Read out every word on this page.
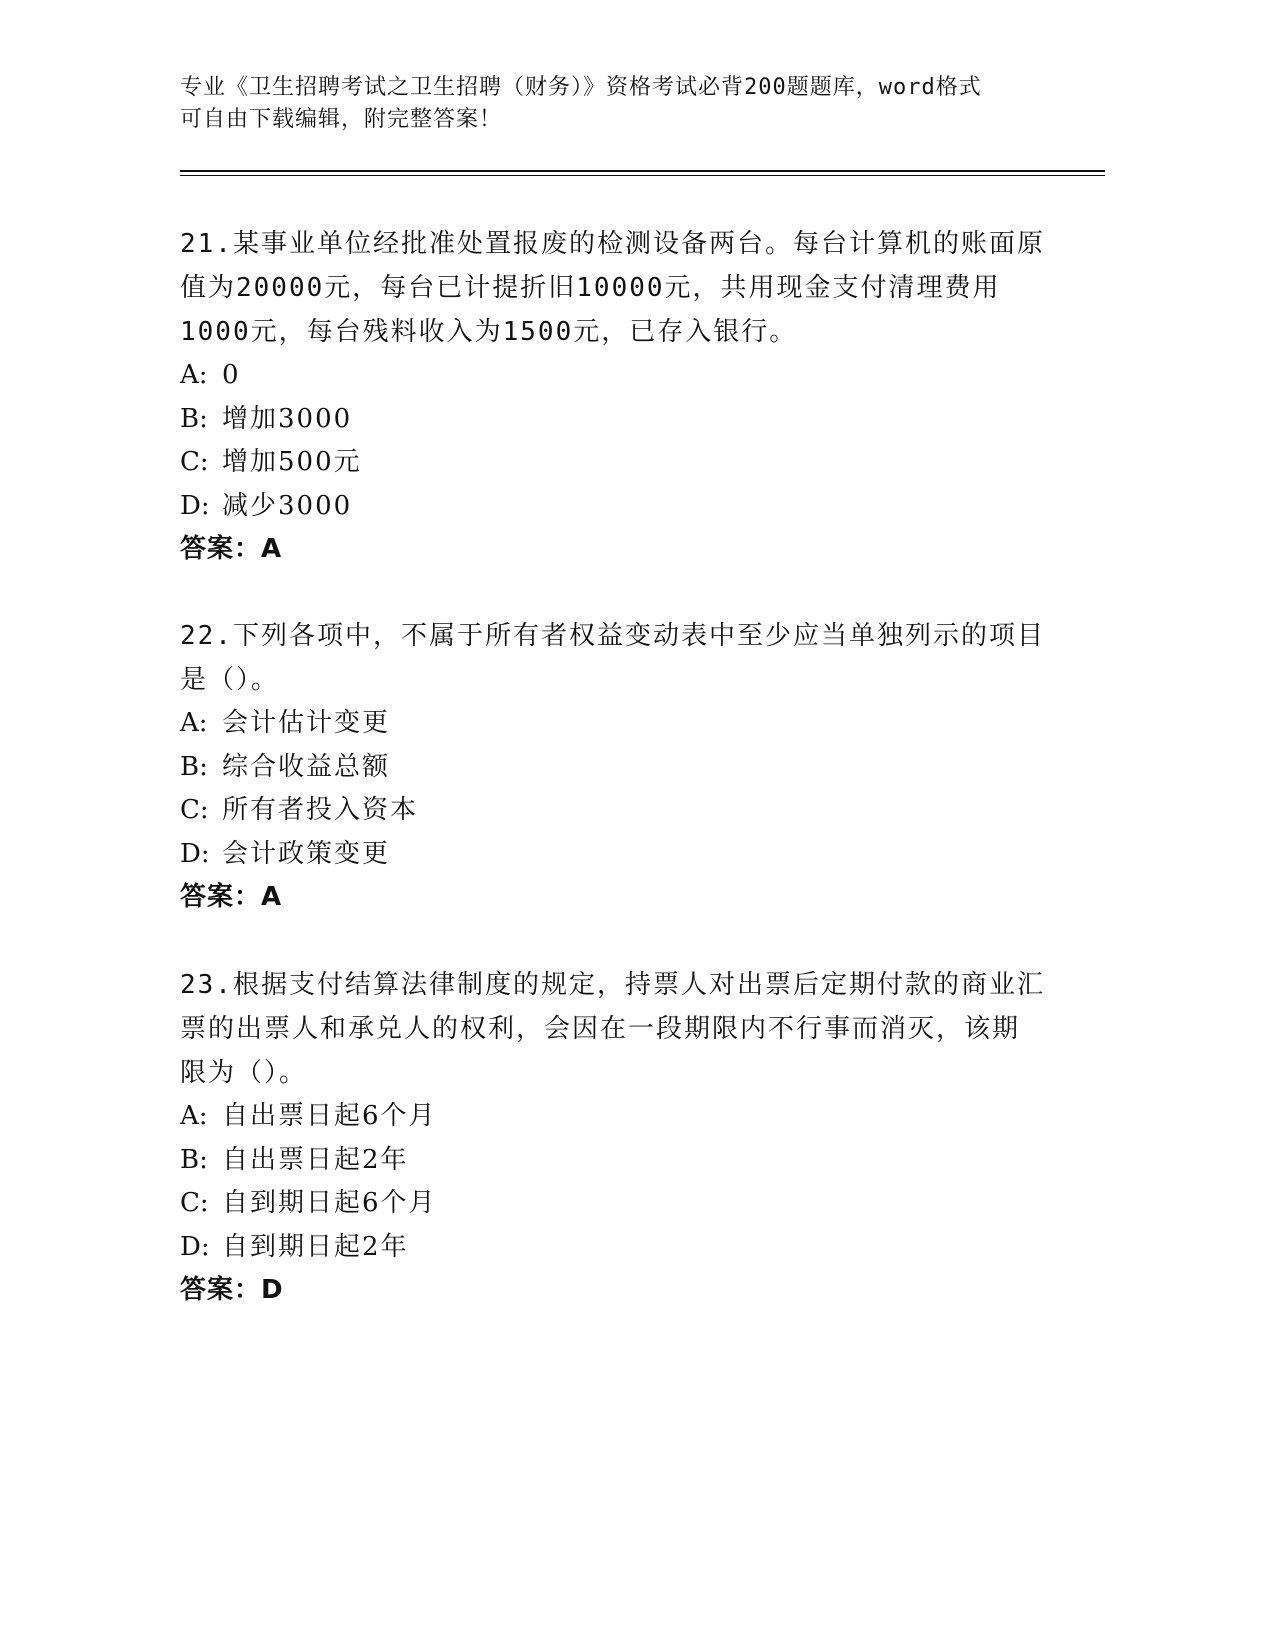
专业《卫生招聘考试之卫生招聘（财务）》资格考试必背200题题库，word格式
可自由下载编辑，附完整答案！
21.某事业单位经批准处置报废的检测设备两台。每台计算机的账面原
值为20000元，每台已计提折旧10000元，共用现金支付清理费用
1000元，每台残料收入为1500元，已存入银行。
A: 0
B: 增加3000
C: 增加500元
D: 减少3000
答案：A
22.下列各项中，不属于所有者权益变动表中至少应当单独列示的项目
是（）。
A: 会计估计变更
B: 综合收益总额
C: 所有者投入资本
D: 会计政策变更
答案：A
23.根据支付结算法律制度的规定，持票人对出票后定期付款的商业汇
票的出票人和承兑人的权利，会因在一段期限内不行事而消灭，该期
限为（）。
A: 自出票日起6个月
B: 自出票日起2年
C: 自到期日起6个月
D: 自到期日起2年
答案：D
